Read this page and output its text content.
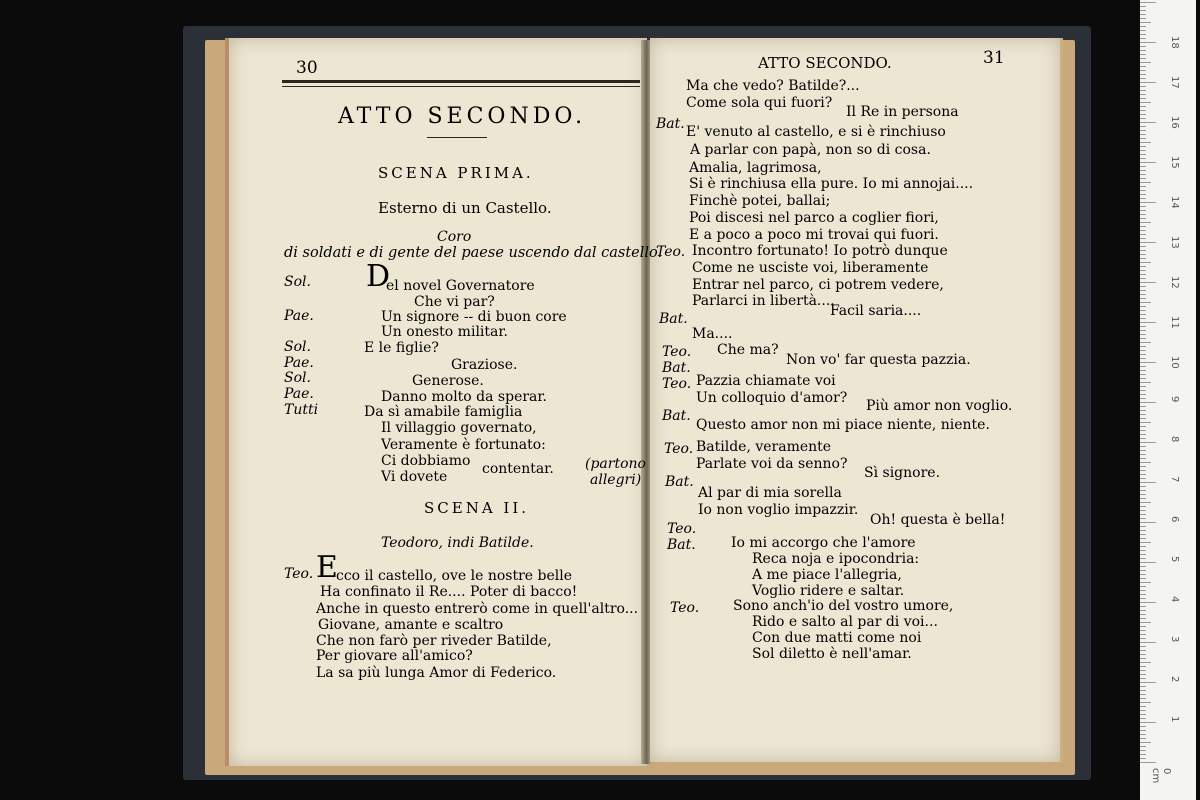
30
ATTO SECONDO.
SCENA PRIMA.
Esterno di un Castello.
Coro
di soldati e di gente del paese uscendo dal castello.
Sol. D
el novel Governatore
Che vi par?
Pae.	Un signore -- di buon core
Un onesto militar.
Sol.	E le figlie?
Pae.	Graziose.
Sol.	Generose.
Pae.	Danno molto da sperar.
Tutti	Da sì amabile famiglia
Il villaggio governato,
Veramente è fortunato:
Ci dobbiamo
Vi dovete contentar. (partono
allegri)
SCENA II.
Teodoro, indi Batilde.
Teo. E
cco il castello, ove le nostre belle
Ha confinato il Re.... Poter di bacco!
Anche in questo entrerò come in quell'altro...
Giovane, amante e scaltro
Che non farò per riveder Batilde,
Per giovare all'amico?
La sa più lunga Amor di Federico.
ATTO SECONDO.	31
Ma che vedo? Batilde?...
Come sola qui fuori?
Bat.
Il Re in persona
E' venuto al castello, e si è rinchiuso
A parlar con papà, non so di cosa.
Amalia, lagrimosa,
Si è rinchiusa ella pure. Io mi annojai....
Finchè potei, ballai;
Poi discesi nel parco a coglier fiori,
E a poco a poco mi trovai qui fuori.
Teo. Incontro fortunato! Io potrò dunque
Come ne usciste voi, liberamente
Entrar nel parco, ci potrem vedere,
Parlarci in libertà....
Bat.	Facil saria....
Ma....
Teo. Che ma?
Bat.	Non vo' far questa pazzia.
Teo. Pazzia chiamate voi
Un colloquio d'amor?
Bat.
Più amor non voglio.
Questo amor non mi piace niente, niente.
Teo. Batilde, veramente
Parlate voi da senno?
Bat.
Sì signore.
Al par di mia sorella
Io non voglio impazzir.
Teo.
Oh! questa è bella!
Bat.	Io mi accorgo che l'amore
Reca noja e ipocondria:
A me piace l'allegria,
Voglio ridere e saltar.
Teo. Sono anch'io del vostro umore,
Rido e salto al par di voi...
Con due matti come noi
Sol diletto è nell'amar.
0 cm
1
2
3
4
5
6
7
8
9
10
11
12
13
14
15
16
17
18
